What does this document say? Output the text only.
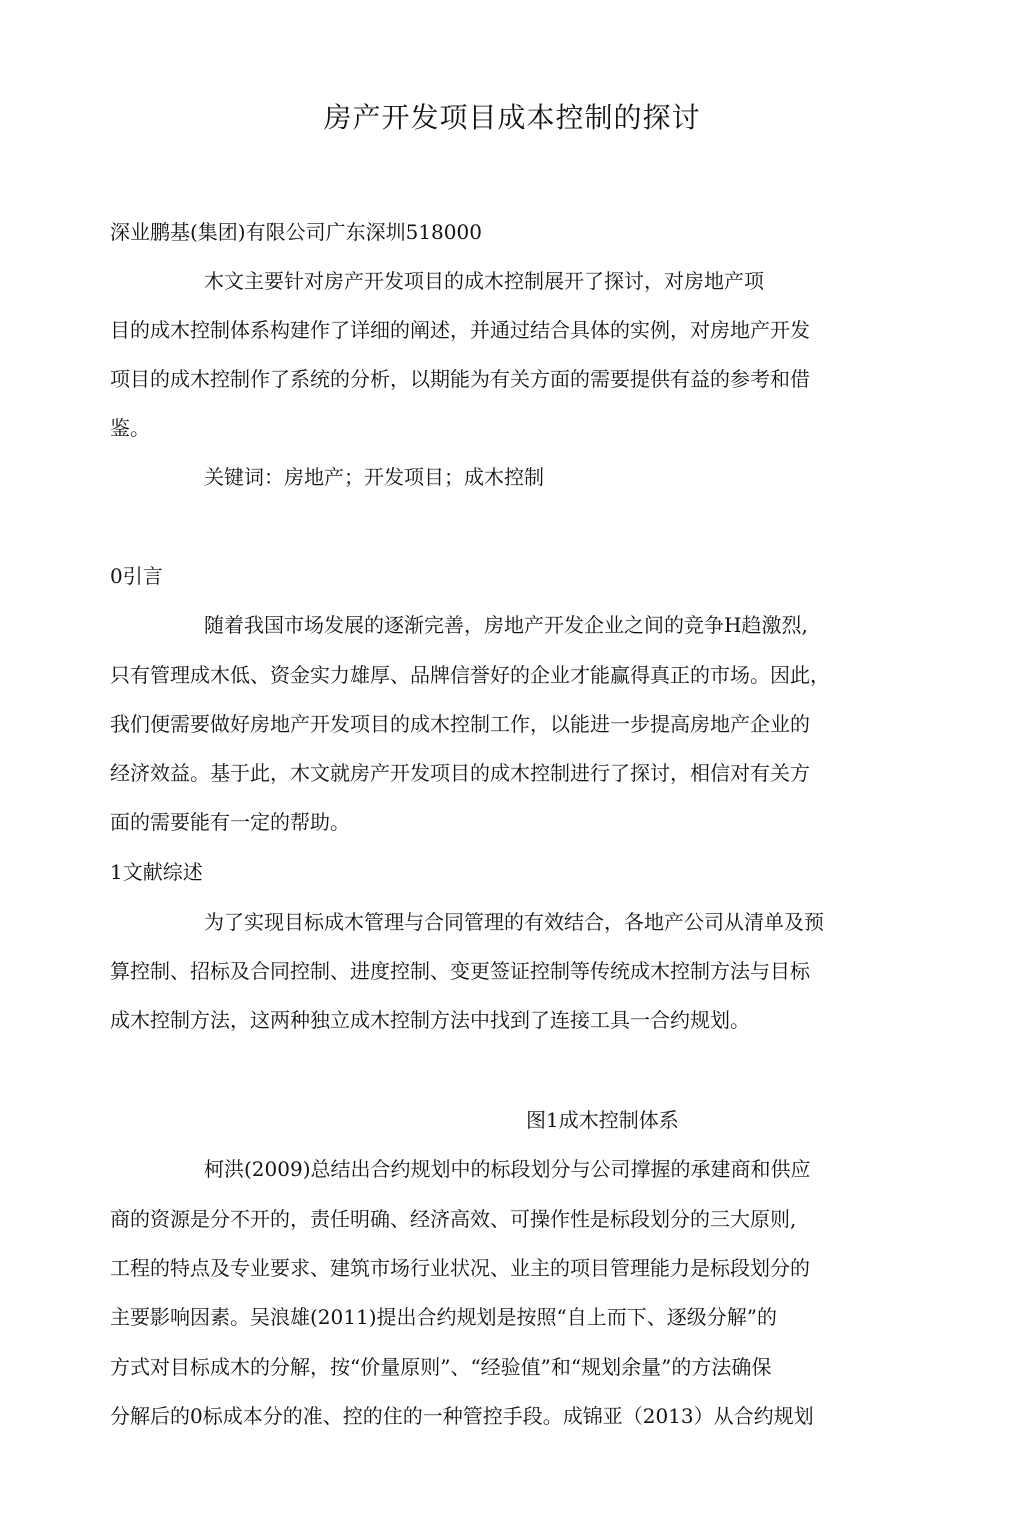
房产开发项目成本控制的探讨
深业鹏基(集团)有限公司广东深圳518000
木文主要针对房产开发项目的成木控制展开了探讨，对房地产项
目的成木控制体系构建作了详细的阐述，并通过结合具体的实例，对房地产开发
项目的成木控制作了系统的分析，以期能为有关方面的需要提供有益的参考和借
鉴。
关键词：房地产；开发项目；成木控制
0引言
随着我国市场发展的逐渐完善，房地产开发企业之间的竞争H趋激烈,
只有管理成木低、资金实力雄厚、品牌信誉好的企业才能赢得真正的市场。因此，
我们便需要做好房地产开发项目的成木控制工作，以能进一步提高房地产企业的
经济效益。基于此，木文就房产开发项目的成木控制进行了探讨，相信对有关方
面的需要能有一定的帮助。
1文献综述
为了实现目标成木管理与合同管理的有效结合，各地产公司从清单及预
算控制、招标及合同控制、进度控制、变更签证控制等传统成木控制方法与目标
成木控制方法，这两种独立成木控制方法中找到了连接工具一合约规划。
图1成木控制体系
柯洪(2009)总结出合约规划中的标段划分与公司撑握的承建商和供应
商的资源是分不开的，责任明确、经济高效、可操作性是标段划分的三大原则,
工程的特点及专业要求、建筑市场行业状况、业主的项目管理能力是标段划分的
主要影响因素。吴浪雄(2011)提出合约规划是按照“自上而下、逐级分解”的
方式对目标成木的分解，按“价量原则”、“经验值”和“规划余量”的方法确保
分解后的0标成本分的准、控的住的一种管控手段。成锦亚（2013）从合约规划
